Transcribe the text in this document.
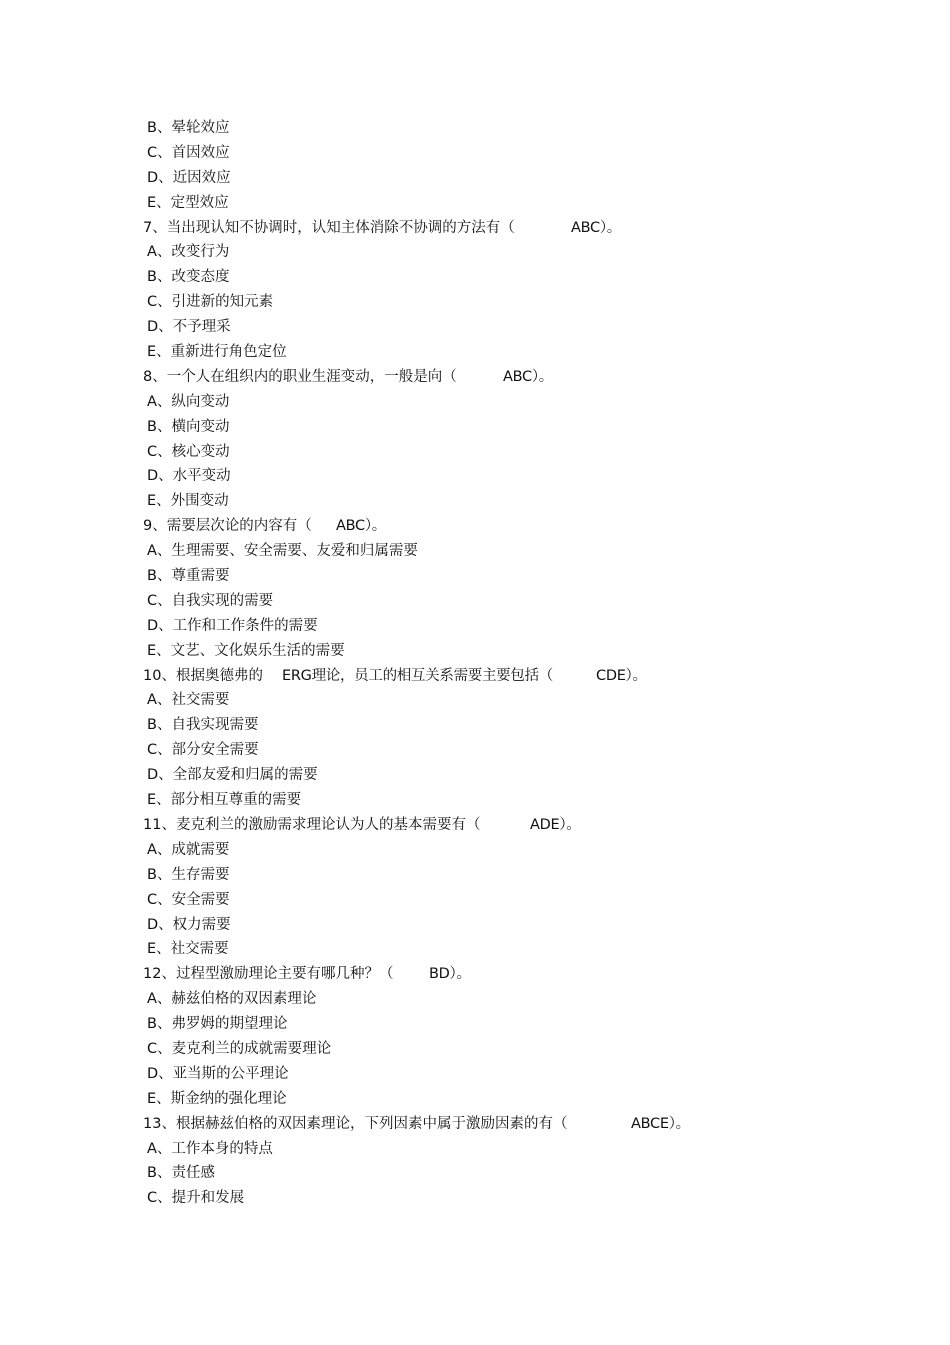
B、晕轮效应
C、首因效应
D、近因效应
E、定型效应
7、当出现认知不协调时，认知主体消除不协调的方法有（	ABC）。
A、改变行为
B、改变态度
C、引进新的知元素
D、不予理采
E、重新进行角色定位
8、一个人在组织内的职业生涯变动，一般是向（	ABC）。
A、纵向变动
B、横向变动
C、核心变动
D、水平变动
E、外围变动
9、需要层次论的内容有（ ABC）。
A、生理需要、安全需要、友爱和归属需要
B、尊重需要
C、自我实现的需要
D、工作和工作条件的需要
E、文艺、文化娱乐生活的需要
10、根据奥德弗的 ERG理论，员工的相互关系需要主要包括（	CDE）。
A、社交需要
B、自我实现需要
C、部分安全需要
D、全部友爱和归属的需要
E、部分相互尊重的需要
11、麦克利兰的激励需求理论认为人的基本需要有（	ADE）。
A、成就需要
B、生存需要
C、安全需要
D、权力需要
E、社交需要
12、过程型激励理论主要有哪几种？（ BD）。
A、赫兹伯格的双因素理论
B、弗罗姆的期望理论
C、麦克利兰的成就需要理论
D、亚当斯的公平理论
E、斯金纳的强化理论
13、根据赫兹伯格的双因素理论，下列因素中属于激励因素的有（	ABCE）。
A、工作本身的特点
B、责任感
C、提升和发展
